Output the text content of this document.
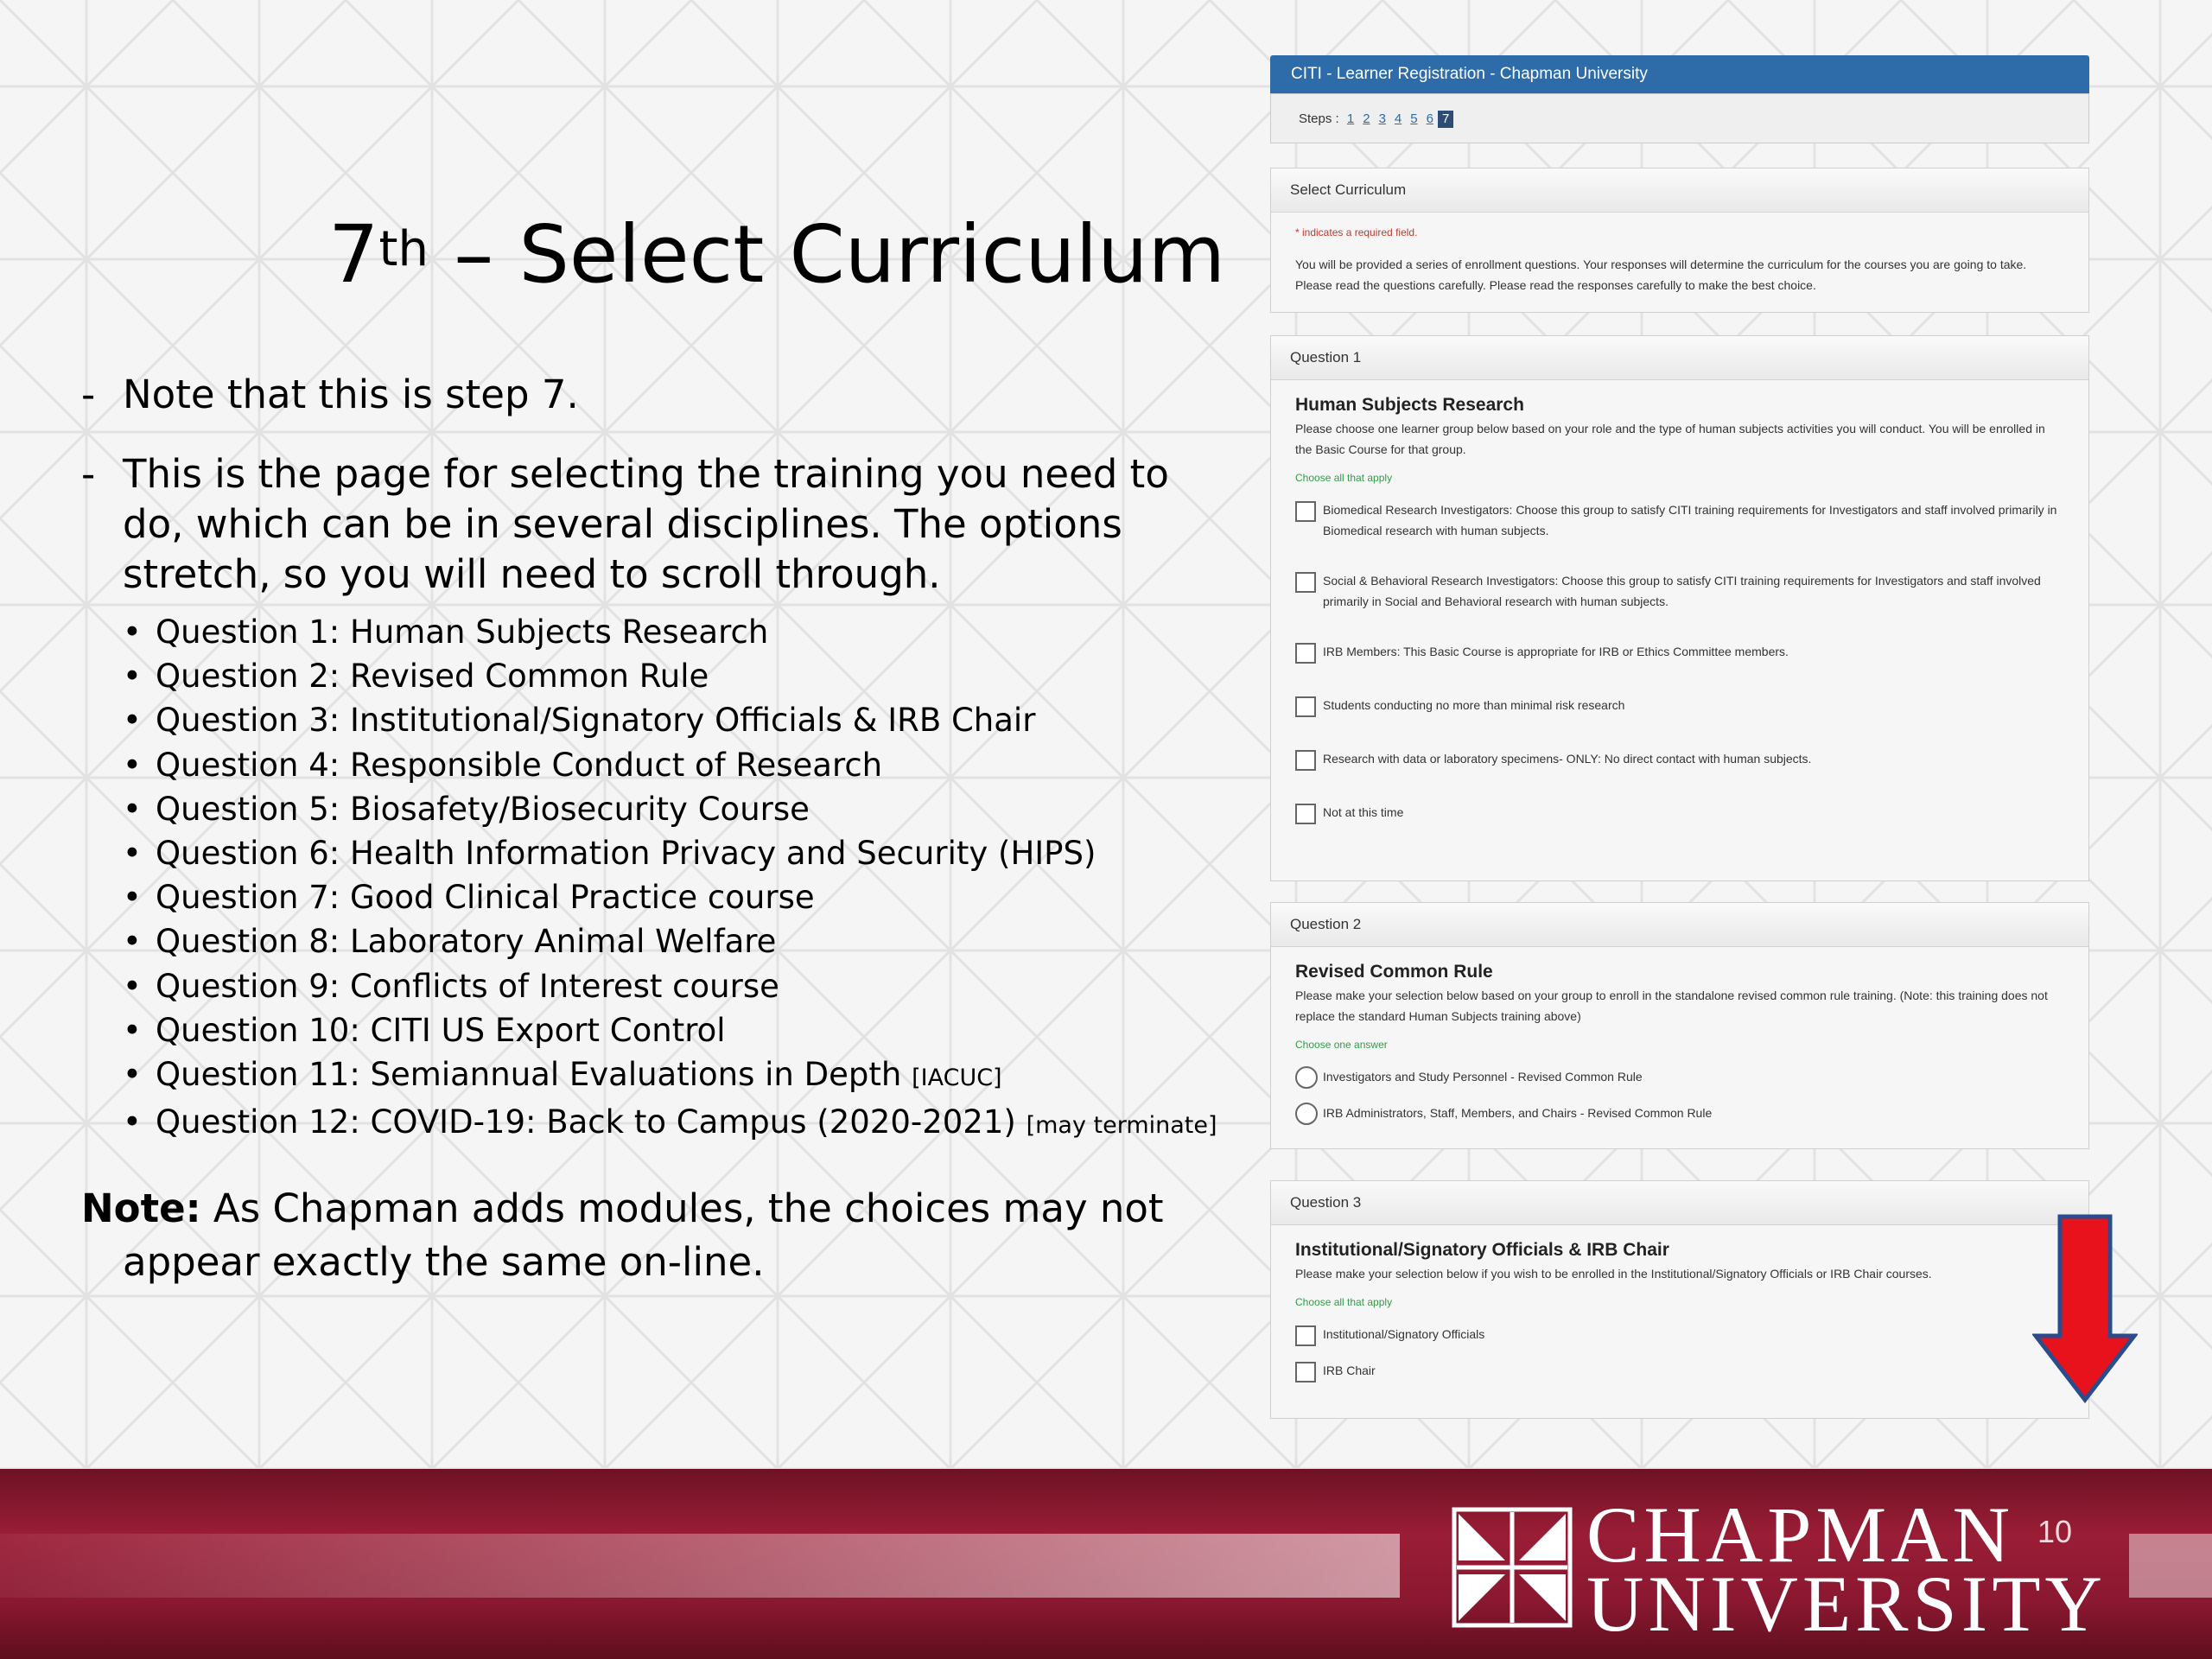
7th – Select Curriculum
- Note that this is step 7.
- This is the page for selecting the training you need to do, which can be in several disciplines. The options stretch, so you will need to scroll through.
• Question 1: Human Subjects Research
• Question 2: Revised Common Rule
• Question 3: Institutional/Signatory Officials & IRB Chair
• Question 4: Responsible Conduct of Research
• Question 5: Biosafety/Biosecurity Course
• Question 6: Health Information Privacy and Security (HIPS)
• Question 7: Good Clinical Practice course
• Question 8: Laboratory Animal Welfare
• Question 9: Conflicts of Interest course
• Question 10: CITI US Export Control
• Question 11: Semiannual Evaluations in Depth [IACUC]
• Question 12: COVID-19: Back to Campus (2020-2021) [may terminate]
Note: As Chapman adds modules, the choices may not
appear exactly the same on-line.
CITI - Learner Registration - Chapman University
Steps : 1 2 3 4 5 6 7
Select Curriculum
* indicates a required field.
You will be provided a series of enrollment questions. Your responses will determine the curriculum for the courses you are going to take. Please read the questions carefully. Please read the responses carefully to make the best choice.
Question 1
Human Subjects Research
Please choose one learner group below based on your role and the type of human subjects activities you will conduct. You will be enrolled in the Basic Course for that group.
Choose all that apply
Biomedical Research Investigators: Choose this group to satisfy CITI training requirements for Investigators and staff involved primarily in Biomedical research with human subjects.
Social & Behavioral Research Investigators: Choose this group to satisfy CITI training requirements for Investigators and staff involved primarily in Social and Behavioral research with human subjects.
IRB Members: This Basic Course is appropriate for IRB or Ethics Committee members.
Students conducting no more than minimal risk research
Research with data or laboratory specimens- ONLY: No direct contact with human subjects.
Not at this time
Question 2
Revised Common Rule
Please make your selection below based on your group to enroll in the standalone revised common rule training. (Note: this training does not replace the standard Human Subjects training above)
Choose one answer
Investigators and Study Personnel - Revised Common Rule
IRB Administrators, Staff, Members, and Chairs - Revised Common Rule
Question 3
Institutional/Signatory Officials & IRB Chair
Please make your selection below if you wish to be enrolled in the Institutional/Signatory Officials or IRB Chair courses.
Choose all that apply
Institutional/Signatory Officials
IRB Chair
CHAPMAN
UNIVERSITY
10
